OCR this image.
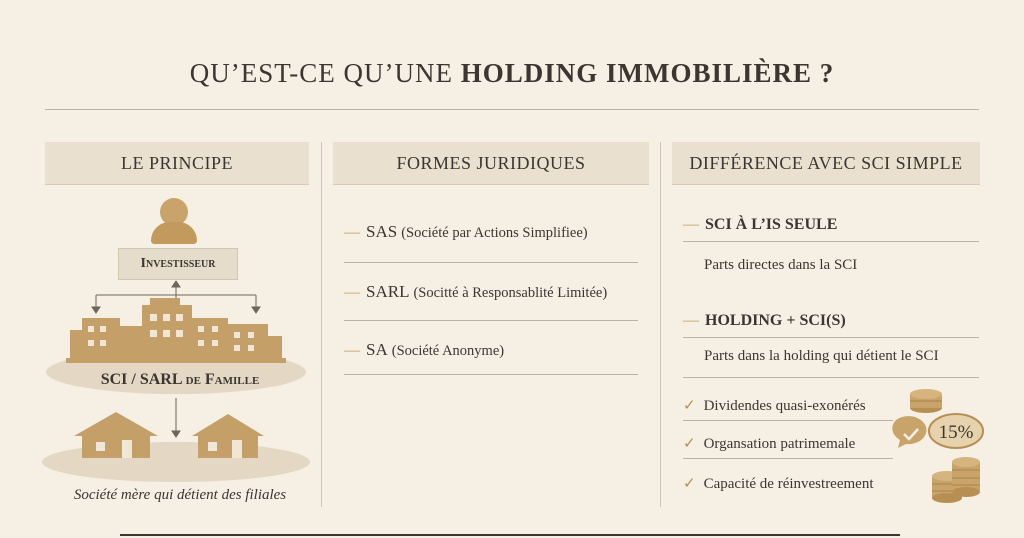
QU’EST-CE QU’UNE HOLDING IMMOBILIÈRE ?
LE PRINCIPE	FORMES JURIDIQUES	DIFFÉRENCE AVEC SCI SIMPLE
Investisseur
SCI / SARL de Famille
Société mère qui détient des filiales
— SAS (Société par Actions Simplifiee)
— SARL (Socitté à Responsablité Limitée)
— SA (Société Anonyme)
— SCI À L’IS SEULE
Parts directes dans la SCI
— HOLDING + SCI(S)
Parts dans la holding qui détient le SCI
✓ Dividendes quasi-exonérés
✓ Organsation patrimemale
✓ Capacité de réinvestreement
15%
